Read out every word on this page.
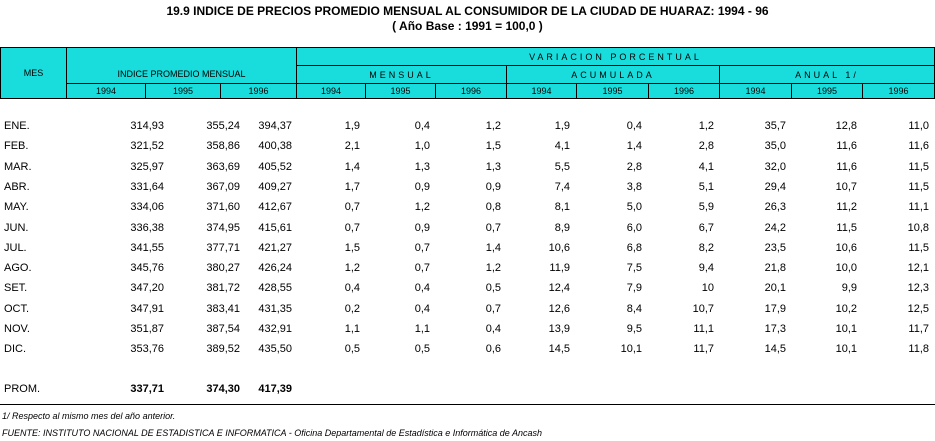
19.9 INDICE DE PRECIOS PROMEDIO MENSUAL AL CONSUMIDOR DE LA CIUDAD DE HUARAZ: 1994 - 96
( Año Base : 1991 = 100,0 )
MES	INDICE PROMEDIO MENSUAL
VARIACION PORCENTUAL
MENSUAL	ACUMULADA	ANUAL 1/
1994	1995	1996	1994	1995	1996	1994	1995	1996	1994	1995	1996
ENE.	314,93	355,24 394,37	1,9	0,4	1,2	1,9	0,4	1,2	35,7	12,8	11,0
FEB.	321,52	358,86 400,38	2,1	1,0	1,5	4,1	1,4	2,8	35,0	11,6	11,6
MAR.	325,97	363,69 405,52	1,4	1,3	1,3	5,5	2,8	4,1	32,0	11,6	11,5
ABR.	331,64	367,09 409,27	1,7	0,9	0,9	7,4	3,8	5,1	29,4	10,7	11,5
MAY.	334,06	371,60 412,67	0,7	1,2	0,8	8,1	5,0	5,9	26,3	11,2	11,1
JUN.	336,38	374,95 415,61	0,7	0,9	0,7	8,9	6,0	6,7	24,2	11,5	10,8
JUL.	341,55	377,71 421,27	1,5	0,7	1,4	10,6	6,8	8,2	23,5	10,6	11,5
AGO.	345,76	380,27 426,24	1,2	0,7	1,2	11,9	7,5	9,4	21,8	10,0	12,1
SET.	347,20	381,72 428,55	0,4	0,4	0,5	12,4	7,9	10	20,1	9,9	12,3
OCT.	347,91	383,41 431,35	0,2	0,4	0,7	12,6	8,4	10,7	17,9	10,2	12,5
NOV.	351,87	387,54 432,91	1,1	1,1	0,4	13,9	9,5	11,1	17,3	10,1	11,7
DIC.	353,76	389,52 435,50	0,5	0,5	0,6	14,5	10,1	11,7	14,5	10,1	11,8
PROM.	337,71	374,30 417,39
1/ Respecto al mismo mes del año anterior.
FUENTE: INSTITUTO NACIONAL DE ESTADISTICA E INFORMATICA - Oficina Departamental de Estadística e Informática de Ancash
